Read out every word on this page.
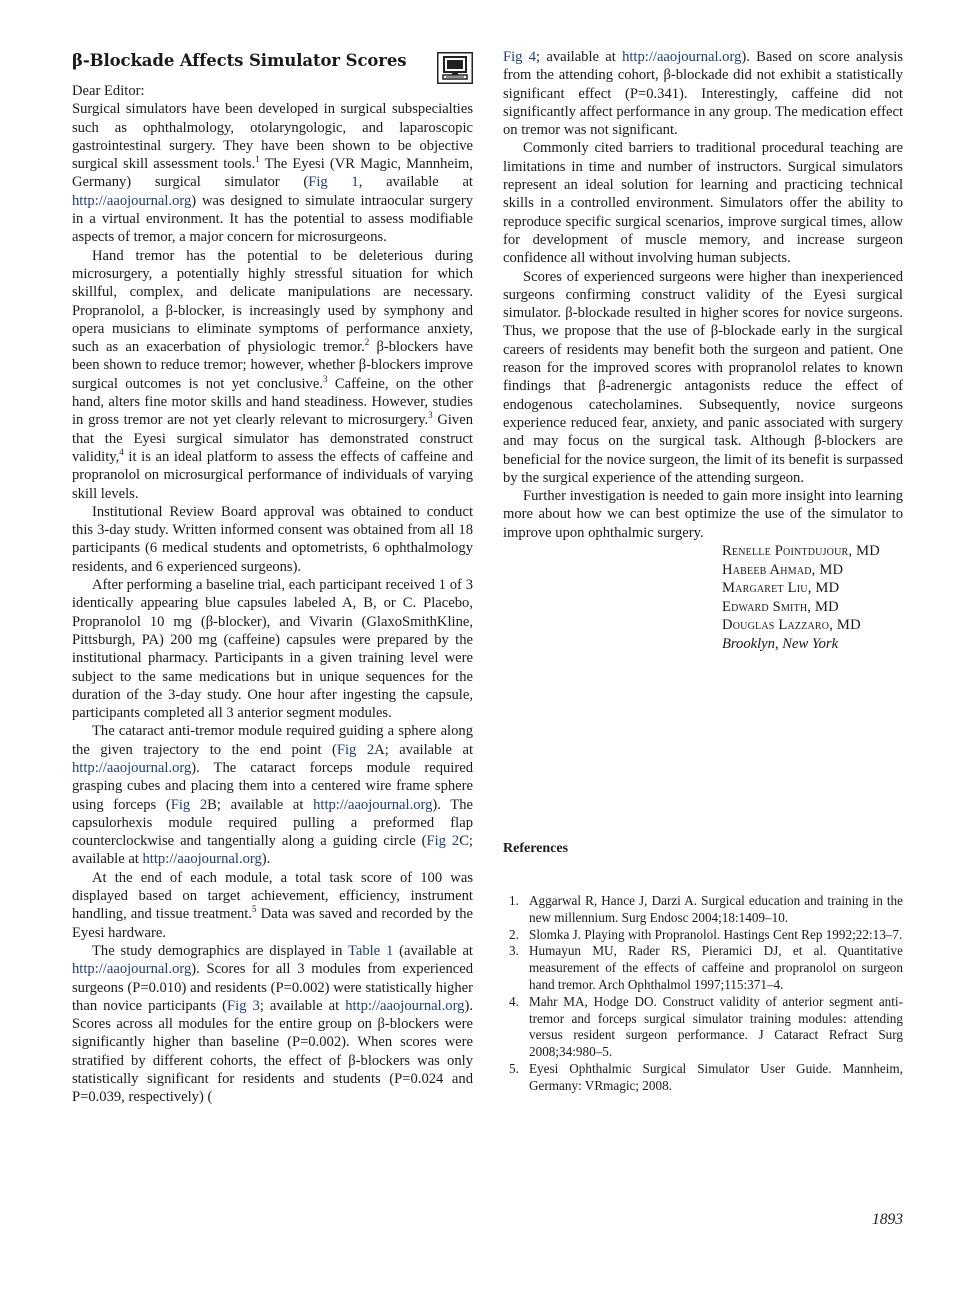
β-Blockade Affects Simulator Scores
Dear Editor:

Surgical simulators have been developed in surgical subspecialties such as ophthalmology, otolaryngologic, and laparoscopic gastrointestinal surgery. They have been shown to be objective surgical skill assessment tools.$^1$ The Eyesi (VR Magic, Mannheim, Germany) surgical simulator (Fig 1, available at http://aaojournal.org) was designed to simulate intraocular surgery in a virtual environment. It has the potential to assess modifiable aspects of tremor, a major concern for microsurgeons.

Hand tremor has the potential to be deleterious during microsurgery, a potentially highly stressful situation for which skillful, complex, and delicate manipulations are necessary. Propranolol, a β-blocker, is increasingly used by symphony and opera musicians to eliminate symptoms of performance anxiety, such as an exacerbation of physiologic tremor.$^2$ β-blockers have been shown to reduce tremor; however, whether β-blockers improve surgical outcomes is not yet conclusive.$^3$ Caffeine, on the other hand, alters fine motor skills and hand steadiness. However, studies in gross tremor are not yet clearly relevant to microsurgery.$^3$ Given that the Eyesi surgical simulator has demonstrated construct validity,$^4$ it is an ideal platform to assess the effects of caffeine and propranolol on microsurgical performance of individuals of varying skill levels.

Institutional Review Board approval was obtained to conduct this 3-day study. Written informed consent was obtained from all 18 participants (6 medical students and optometrists, 6 ophthalmology residents, and 6 experienced surgeons).

After performing a baseline trial, each participant received 1 of 3 identically appearing blue capsules labeled A, B, or C. Placebo, Propranolol 10 mg (β-blocker), and Vivarin (GlaxoSmithKline, Pittsburgh, PA) 200 mg (caffeine) capsules were prepared by the institutional pharmacy. Participants in a given training level were subject to the same medications but in unique sequences for the duration of the 3-day study. One hour after ingesting the capsule, participants completed all 3 anterior segment modules.

The cataract anti-tremor module required guiding a sphere along the given trajectory to the end point (Fig 2A; available at http://aaojournal.org). The cataract forceps module required grasping cubes and placing them into a centered wire frame sphere using forceps (Fig 2B; available at http://aaojournal.org). The capsulorhexis module required pulling a preformed flap counterclockwise and tangentially along a guiding circle (Fig 2C; available at http://aaojournal.org).

At the end of each module, a total task score of 100 was displayed based on target achievement, efficiency, instrument handling, and tissue treatment.$^5$ Data was saved and recorded by the Eyesi hardware.

The study demographics are displayed in Table 1 (available at http://aaojournal.org). Scores for all 3 modules from experienced surgeons (P=0.010) and residents (P=0.002) were statistically higher than novice participants (Fig 3; available at http://aaojournal.org). Scores across all modules for the entire group on β-blockers were significantly higher than baseline (P=0.002). When scores were stratified by different cohorts, the effect of β-blockers was only statistically significant for residents and students (P=0.024 and P=0.039, respectively) (

Fig 4; available at http://aaojournal.org). Based on score analysis from the attending cohort, β-blockade did not exhibit a statistically significant effect (P=0.341). Interestingly, caffeine did not significantly affect performance in any group. The medication effect on tremor was not significant.

Commonly cited barriers to traditional procedural teaching are limitations in time and number of instructors. Surgical simulators represent an ideal solution for learning and practicing technical skills in a controlled environment. Simulators offer the ability to reproduce specific surgical scenarios, improve surgical times, allow for development of muscle memory, and increase surgeon confidence all without involving human subjects.

Scores of experienced surgeons were higher than inexperienced surgeons confirming construct validity of the Eyesi surgical simulator. β-blockade resulted in higher scores for novice surgeons. Thus, we propose that the use of β-blockade early in the surgical careers of residents may benefit both the surgeon and patient. One reason for the improved scores with propranolol relates to known findings that β-adrenergic antagonists reduce the effect of endogenous catecholamines. Subsequently, novice surgeons experience reduced fear, anxiety, and panic associated with surgery and may focus on the surgical task. Although β-blockers are beneficial for the novice surgeon, the limit of its benefit is surpassed by the surgical experience of the attending surgeon.

Further investigation is needed to gain more insight into learning more about how we can best optimize the use of the simulator to improve upon ophthalmic surgery.

Renelle Pointdujour, MD
Habeeb Ahmad, MD
Margaret Liu, MD
Edward Smith, MD
Douglas Lazzaro, MD
Brooklyn, New York
References
1. Aggarwal R, Hance J, Darzi A. Surgical education and training in the new millennium. Surg Endosc 2004;18:1409–10.
2. Slomka J. Playing with Propranolol. Hastings Cent Rep 1992;22:13–7.
3. Humayun MU, Rader RS, Pieramici DJ, et al. Quantitative measurement of the effects of caffeine and propranolol on surgeon hand tremor. Arch Ophthalmol 1997;115:371–4.
4. Mahr MA, Hodge DO. Construct validity of anterior segment anti-tremor and forceps surgical simulator training modules: attending versus resident surgeon performance. J Cataract Refract Surg 2008;34:980–5.
5. Eyesi Ophthalmic Surgical Simulator User Guide. Mannheim, Germany: VRmagic; 2008.
1893
